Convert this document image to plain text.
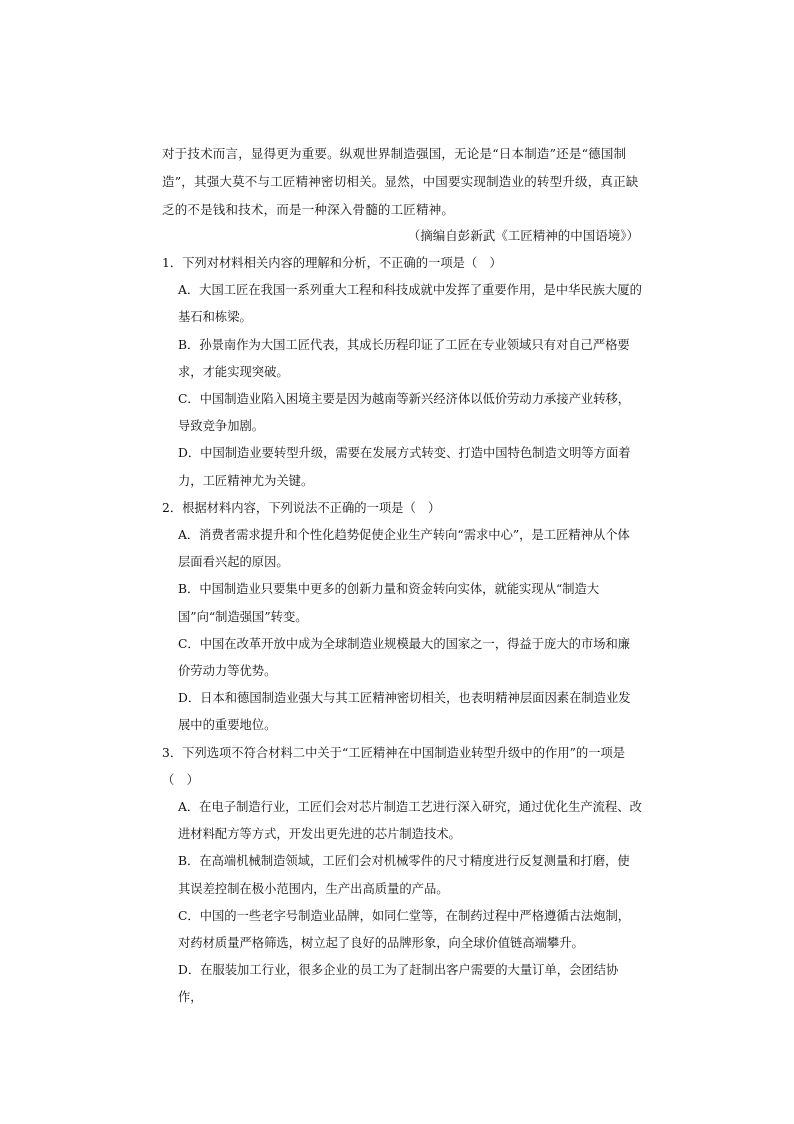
对于技术而言，显得更为重要。纵观世界制造强国，无论是“日本制造”还是“德国制造”，其强大莫不与工匠精神密切相关。显然，中国要实现制造业的转型升级，真正缺乏的不是钱和技术，而是一种深入骨髓的工匠精神。

（摘编自彭新武《工匠精神的中国语境》）

1．下列对材料相关内容的理解和分析，不正确的一项是（　）

A．大国工匠在我国一系列重大工程和科技成就中发挥了重要作用，是中华民族大厦的基石和栋梁。

B．孙景南作为大国工匠代表，其成长历程印证了工匠在专业领域只有对自己严格要求，才能实现突破。

C．中国制造业陷入困境主要是因为越南等新兴经济体以低价劳动力承接产业转移，导致竞争加剧。

D．中国制造业要转型升级，需要在发展方式转变、打造中国特色制造文明等方面着力，工匠精神尤为关键。

2．根据材料内容，下列说法不正确的一项是（　）

A．消费者需求提升和个性化趋势促使企业生产转向“需求中心”，是工匠精神从个体层面看兴起的原因。

B．中国制造业只要集中更多的创新力量和资金转向实体，就能实现从“制造大国”向“制造强国”转变。

C．中国在改革开放中成为全球制造业规模最大的国家之一，得益于庞大的市场和廉价劳动力等优势。

D．日本和德国制造业强大与其工匠精神密切相关，也表明精神层面因素在制造业发展中的重要地位。

3．下列选项不符合材料二中关于“工匠精神在中国制造业转型升级中的作用”的一项是（　）

A．在电子制造行业，工匠们会对芯片制造工艺进行深入研究，通过优化生产流程、改进材料配方等方式，开发出更先进的芯片制造技术。

B．在高端机械制造领域，工匠们会对机械零件的尺寸精度进行反复测量和打磨，使其误差控制在极小范围内，生产出高质量的产品。

C．中国的一些老字号制造业品牌，如同仁堂等，在制药过程中严格遵循古法炮制，对药材质量严格筛选，树立起了良好的品牌形象，向全球价值链高端攀升。

D．在服装加工行业，很多企业的员工为了赶制出客户需要的大量订单，会团结协作，
